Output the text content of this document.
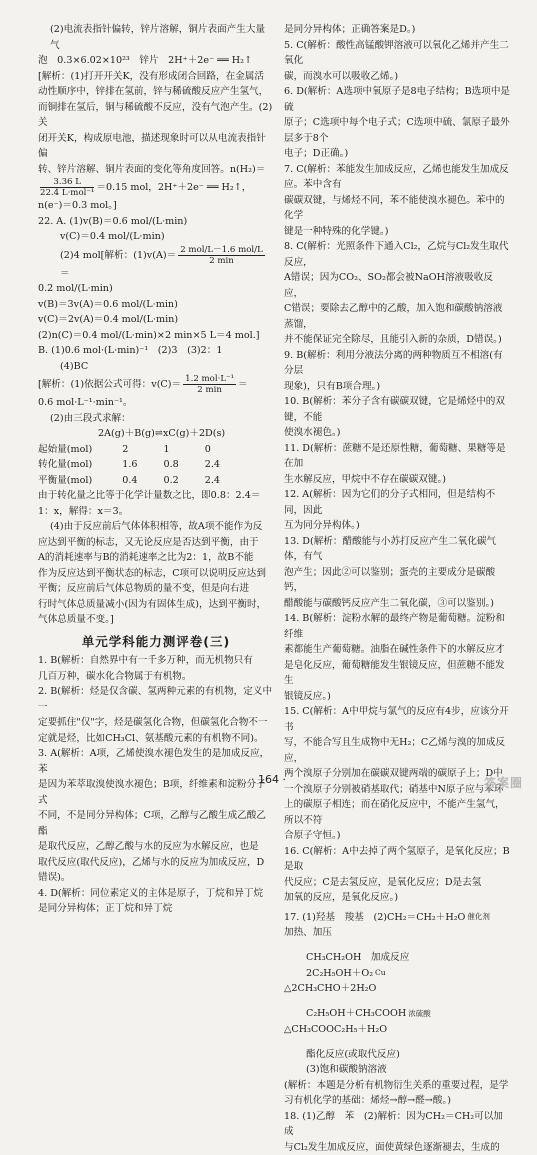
(2)电流表指针偏转，锌片溶解，铜片表面产生大量气

泡　0.3×6.02×10²³　锌片　2H⁺＋2e⁻ ══ H₂↑

[解析：(1)打开开关K，没有形成闭合回路，在金属活

动性顺序中，锌排在氢前，锌与稀硫酸反应产生氢气，

而铜排在氢后，铜与稀硫酸不反应，没有气泡产生。(2)关

闭开关K，构成原电池，描述现象时可以从电流表指针偏

转、锌片溶解、铜片表面的变化等角度回答。n(H₂)＝

$\frac{3.36 L}{\text{22.4 L·mol⁻¹}} =0.15$ mol，2H⁺＋2e⁻ ══ H₂↑，

n(e⁻)＝0.3 mol。]

22. A. (1)v(B)＝0.6 mol/(L·min)

v(C)＝0.4 mol/(L·min)

(2)4 mol[解析：$(1)v(A)= \frac{\text{2 mol/L－1.6 mol/L}}{2 \min}$
＝

0.2 mol/(L·min)

v(B)＝3v(A)＝0.6 mol/(L·min)

v(C)＝2v(A)＝0.4 mol/(L·min)

(2)n(C)＝0.4 mol/(L·min)×2 min×5 L＝4 mol.]

B. (1)0.6 mol·(L·min)⁻¹　(2)3　(3)2：1

(4)BC

[解析：(1)依据公式可得：$v(C)= \frac{\text{1.2 mol·L⁻¹}}{2 \min}$ ＝

0.6 mol·L⁻¹·min⁻¹。

(2)由三段式求解：

2A(g)＋B(g)⇌xC(g)＋2D(s)

起始量(mol)	2	1	0
转化量(mol)	1.6	0.8	2.4
平衡量(mol)	0.4	0.2	2.4

由于转化量之比等于化学计量数之比，即0.8：2.4＝

1：x，解得：x＝3。

(4)由于反应前后气体体积相等，故A项不能作为反

应达到平衡的标志，又无论反应是否达到平衡，由于

A的消耗速率与B的消耗速率之比为2：1，故B不能

作为反应达到平衡状态的标志，C项可以说明反应达到

平衡；反应前后气体总物质的量不变，但是向右进

行时气体总质量减小(因为有固体生成)，达到平衡时，

气体总质量不变。]

单元学科能力测评卷(三)

1. B(解析：自然界中有一千多万种，而无机物只有

几百万种，碳水化合物属于有机物。

2. B(解析：烃是仅含碳、氢两种元素的有机物，定义中一

定要抓住"仅"字，烃是碳氢化合物，但碳氢化合物不一

定就是烃，比如CH₃Cl、氨基酸元素的有机物不同)。

3. A(解析：A项，乙烯使溴水褪色发生的是加成反应，苯

是因为苯萃取溴使溴水褪色；B项，纤维素和淀粉分子式

不同，不是同分异构体；C项，乙醇与乙酸生成乙酸乙酯

是取代反应，乙醇乙酸与水的反应为水解反应，也是

取代反应(取代反应)，乙烯与水的反应为加成反应，D

错误)。

4. D(解析：同位素定义的主体是原子，丁烷和异丁烷

是同分异构体；正丁烷和异丁烷

是同分异构体；正确答案是D。)

5. C(解析：酸性高锰酸钾溶液可以氧化乙烯并产生二氧化

碳，而溴水可以吸收乙烯。)

6. D(解析：A选项中氧原子是8电子结构；B选项中是硫

原子；C选项中每个电子式；C选项中硫、氯原子最外层多于8个

电子；D正确。)

7. C(解析：苯能发生加成反应，乙烯也能发生加成反应。苯中含有

碳碳双键，与烯烃不同，苯不能使溴水褪色。苯中的化学

键是一种特殊的化学键。)

8. C(解析：光照条件下通入Cl₂，乙烷与Cl₂发生取代反应，

A错误；因为CO₂、SO₂都会被NaOH溶液吸收反应，

C错误；要除去乙醇中的乙酸，加入饱和碳酸钠溶液蒸馏，

并不能保证完全除尽，且能引入新的杂质，D错误。)

9. B(解析：利用分液法分离的两种物质互不相溶(有分层

现象)，只有B项合理。)

10. B(解析：苯分子含有碳碳双键，它是烯烃中的双键，不能

使溴水褪色。)

11. D(解析：蔗糖不是还原性糖，葡萄糖、果糖等是在加

生水解反应，甲烷中不存在碳碳双键。)

12. A(解析：因为它们的分子式相同，但是结构不同，因此

互为同分异构体。)

13. D(解析：醋酸能与小苏打反应产生二氧化碳气体，有气

泡产生；因此②可以鉴别；蛋壳的主要成分是碳酸钙，

醋酸能与碳酸钙反应产生二氧化碳，③可以鉴别。)

14. B(解析：淀粉水解的最终产物是葡萄糖。淀粉和纤维

素都能生产葡萄糖。油脂在碱性条件下的水解反应才

是皂化反应，葡萄糖能发生银镜反应，但蔗糖不能发生

银镜反应。)

15. C(解析：A中甲烷与氯气的反应有4步，应该分开书

写，不能合写且生成物中无H₂；C乙烯与溴的加成反应，

两个溴原子分别加在碳碳双键两端的碳原子上；D中

一个溴原子分别被硝基取代；硝基中N原子应与苯环

上的碳原子相连；而在硝化反应中，不能产生氢气，所以不符

合原子守恒。)

16. C(解析：A中去掉了两个氢原子，是氧化反应；B是取

代反应；C是去氢反应，是氧化反应；D是去氢

加氧的反应，是氧化反应。)

17. (1)羟基　羧基　(2)CH₂＝CH₂＋H₂O 催化剂

加热、加压

CH₃CH₂OH　加成反应

2C₂H₅OH＋O₂ Cu

△2CH₃CHO＋2H₂O

C₂H₅OH＋CH₃COOH 浓硫酸

△CH₃COOC₂H₅＋H₂O

酯化反应(或取代反应)

(3)饱和碳酸钠溶液

(解析：本题是分析有机物衍生关系的重要过程，是学

习有机化学的基础：烯烃→醇→醛→酸。)

18. (1)乙醇　苯　(2)解析：因为CH₂＝CH₂可以加成

与Cl₂发生加成反应，面使黄绿色逐渐褪去，生成的

· 164 ·	答案圈
